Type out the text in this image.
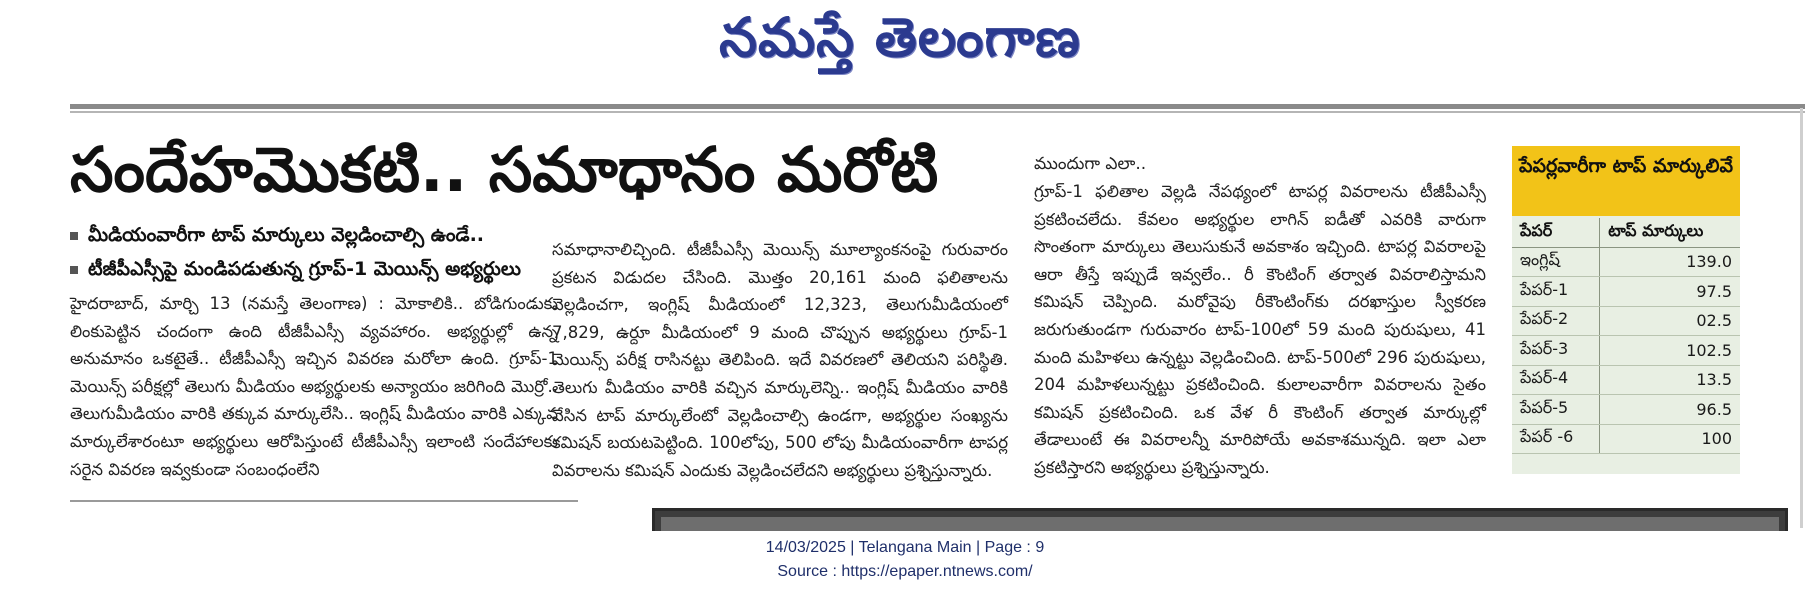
నమస్తే తెలంగాణ
సందేహమొకటి.. సమాధానం మరోటి
మీడియంవారీగా టాప్ మార్కులు వెల్లడించాల్సి ఉండే..
టీజీపీఎస్సీపై మండిపడుతున్న గ్రూప్-1 మెయిన్స్ అభ్యర్థులు

హైదరాబాద్, మార్చి 13 (నమస్తే తెలంగాణ) : మోకాలికి.. బోడిగుండుకు లింకుపెట్టిన చందంగా ఉంది టీజీపీఎస్సీ వ్యవహారం. అభ్యర్థుల్లో ఉన్న అనుమానం ఒకటైతే.. టీజీపీఎస్సీ ఇచ్చిన వివరణ మరోలా ఉంది. గ్రూప్-1 మెయిన్స్ పరీక్షల్లో తెలుగు మీడియం అభ్యర్థులకు అన్యాయం జరిగింది మొర్రో.. తెలుగుమీడియం వారికి తక్కువ మార్కులేసి.. ఇంగ్లిష్ మీడియం వారికి ఎక్కువ మార్కులేశారంటూ అభ్యర్థులు ఆరోపిస్తుంటే టీజీపీఎస్సీ ఇలాంటి సందేహాలకు సరైన వివరణ ఇవ్వకుండా సంబంధంలేని

సమాధానాలిచ్చింది. టీజీపీఎస్సీ మెయిన్స్ మూల్యాంకనంపై గురువారం ప్రకటన విడుదల చేసింది. మొత్తం 20,161 మంది ఫలితాలను వెల్లడించగా, ఇంగ్లిష్ మీడియంలో 12,323, తెలుగుమీడియంలో 7,829, ఉర్దూ మీడియంలో 9 మంది చొప్పున అభ్యర్థులు గ్రూప్-1 మెయిన్స్ పరీక్ష రాసినట్టు తెలిపింది. ఇదే వివరణలో తెలియని పరిస్థితి. తెలుగు మీడియం వారికి వచ్చిన మార్కులెన్ని.. ఇంగ్లిష్ మీడియం వారికి వేసిన టాప్ మార్కులేంటో వెల్లడించాల్సి ఉండగా, అభ్యర్థుల సంఖ్యను కమిషన్ బయటపెట్టింది. 100లోపు, 500 లోపు మీడియంవారీగా టాపర్ల వివరాలను కమిషన్ ఎందుకు వెల్లడించలేదని అభ్యర్థులు ప్రశ్నిస్తున్నారు.

ముందుగా ఎలా..

గ్రూప్-1 ఫలితాల వెల్లడి నేపథ్యంలో టాపర్ల వివరాలను టీజీపీఎస్సీ ప్రకటించలేదు. కేవలం అభ్యర్థుల లాగిన్ ఐడీతో ఎవరికి వారుగా సొంతంగా మార్కులు తెలుసుకునే అవకాశం ఇచ్చింది. టాపర్ల వివరాలపై ఆరా తీస్తే ఇప్పుడే ఇవ్వలేం.. రీ కౌంటింగ్ తర్వాత వివరాలిస్తామని కమిషన్ చెప్పింది. మరోవైపు రీకౌంటింగ్‌కు దరఖాస్తుల స్వీకరణ జరుగుతుండగా గురువారం టాప్-100లో 59 మంది పురుషులు, 41 మంది మహిళలు ఉన్నట్టు వెల్లడించింది. టాప్-500లో 296 పురుషులు, 204 మహిళలున్నట్టు ప్రకటించింది. కులాలవారీగా వివరాలను సైతం కమిషన్ ప్రకటించింది. ఒక వేళ రీ కౌంటింగ్ తర్వాత మార్కుల్లో తేడాలుంటే ఈ వివరాలన్నీ మారిపోయే అవకాశమున్నది. ఇలా ఎలా ప్రకటిస్తారని అభ్యర్థులు ప్రశ్నిస్తున్నారు.

పేపర్లవారీగా టాప్ మార్కులివే
పేపర్	టాప్ మార్కులు
ఇంగ్లిష్	139.0
పేపర్-1	97.5
పేపర్-2	02.5
పేపర్-3	102.5
పేపర్-4	13.5
పేపర్-5	96.5
పేపర్ -6	100
14/03/2025 | Telangana Main | Page : 9
Source : https://epaper.ntnews.com/
